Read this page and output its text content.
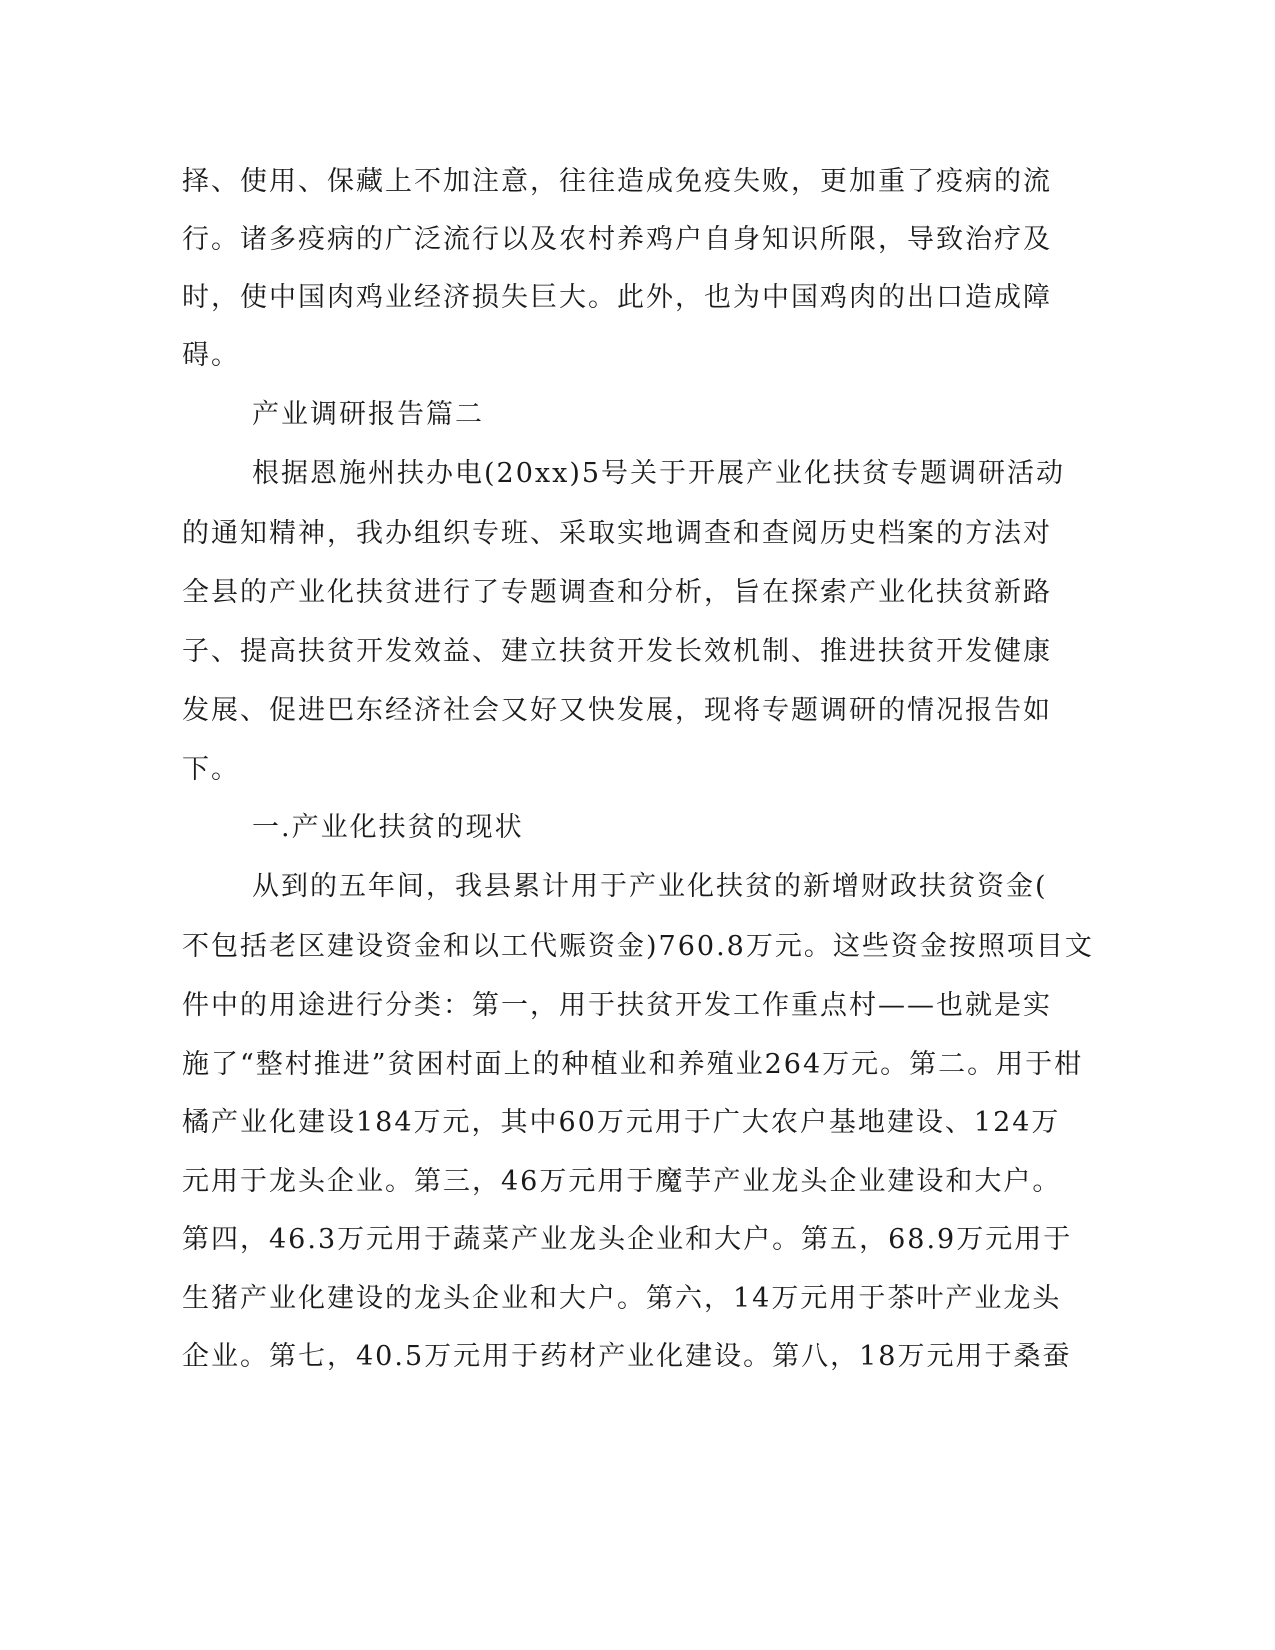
择、使用、保藏上不加注意，往往造成免疫失败，更加重了疫病的流

行。诸多疫病的广泛流行以及农村养鸡户自身知识所限，导致治疗及

时，使中国肉鸡业经济损失巨大。此外，也为中国鸡肉的出口造成障

碍。

产业调研报告篇二

根据恩施州扶办电(20xx)5号关于开展产业化扶贫专题调研活动

的通知精神，我办组织专班、采取实地调查和查阅历史档案的方法对

全县的产业化扶贫进行了专题调查和分析，旨在探索产业化扶贫新路

子、提高扶贫开发效益、建立扶贫开发长效机制、推进扶贫开发健康

发展、促进巴东经济社会又好又快发展，现将专题调研的情况报告如

下。

一.产业化扶贫的现状

从到的五年间，我县累计用于产业化扶贫的新增财政扶贫资金(

不包括老区建设资金和以工代赈资金)760.8万元。这些资金按照项目文

件中的用途进行分类：第一，用于扶贫开发工作重点村——也就是实

施了“整村推进”贫困村面上的种植业和养殖业264万元。第二。用于柑

橘产业化建设184万元，其中60万元用于广大农户基地建设、124万

元用于龙头企业。第三，46万元用于魔芋产业龙头企业建设和大户。

第四，46.3万元用于蔬菜产业龙头企业和大户。第五，68.9万元用于

生猪产业化建设的龙头企业和大户。第六，14万元用于茶叶产业龙头

企业。第七，40.5万元用于药材产业化建设。第八，18万元用于桑蚕
